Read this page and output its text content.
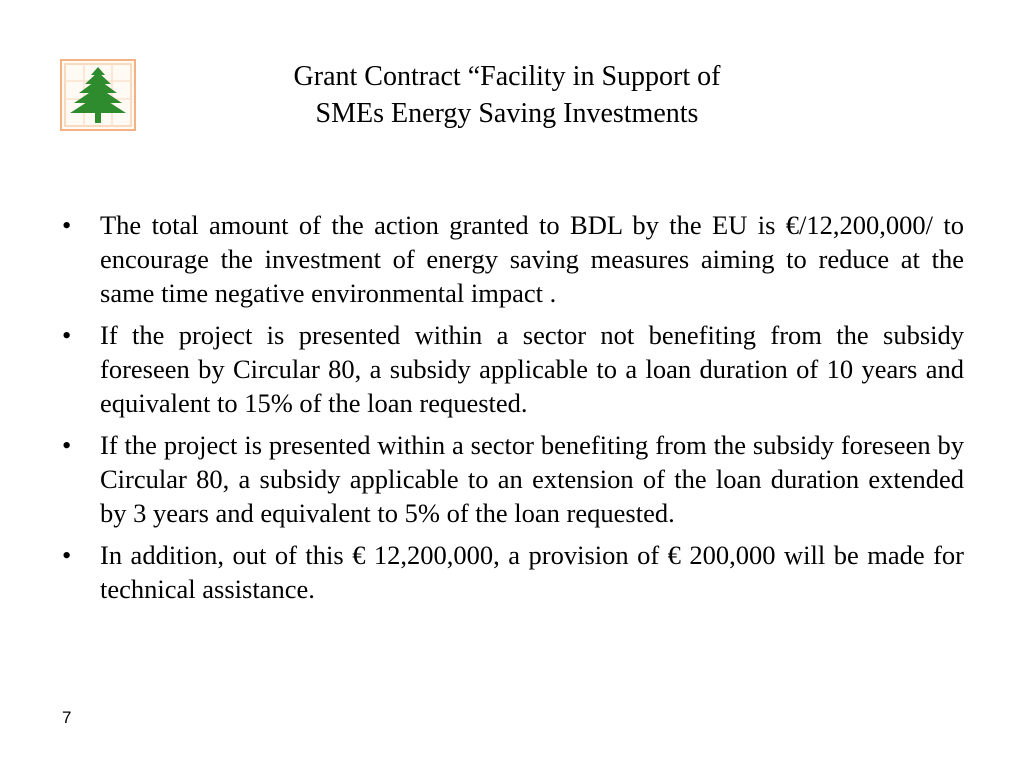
Grant Contract “Facility in Support of
SMEs Energy Saving Investments
•	The total amount of the action granted to BDL by the EU is €/12,200,000/ to encourage the investment of energy saving measures aiming to reduce at the same time negative environmental impact .
•	If the project is presented within a sector not benefiting from the subsidy foreseen by Circular 80, a subsidy applicable to a loan duration of 10 years and equivalent to 15% of the loan requested.
•	If the project is presented within a sector benefiting from the subsidy foreseen by Circular 80, a subsidy applicable to an extension of the loan duration extended by 3 years and equivalent to 5% of the loan requested.
•	In addition, out of this € 12,200,000, a provision of € 200,000 will be made for technical assistance.
7
